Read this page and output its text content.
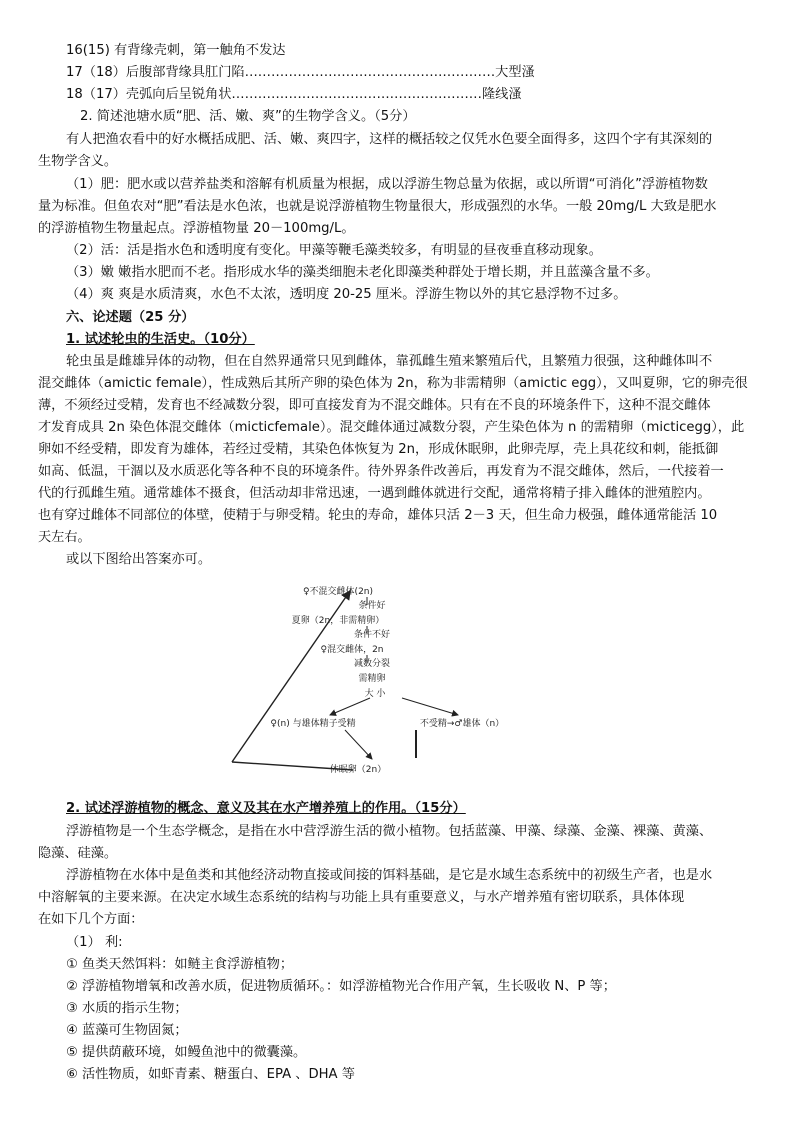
16(15) 有背缘壳刺，第一触角不发达
17（18）后腹部背缘具肛门陷…………………………………………………大型溞
18（17）壳弧向后呈锐角状…………………………………………………隆线溞
2. 简述池塘水质“肥、活、嫩、爽”的生物学含义。（5分）
有人把渔农看中的好水概括成肥、活、嫩、爽四字，这样的概括较之仅凭水色要全面得多，这四个字有其深刻的
生物学含义。
（1）肥：肥水或以营养盐类和溶解有机质量为根据，成以浮游生物总量为依据，或以所谓“可消化”浮游植物数
量为标准。但鱼农对“肥”看法是水色浓，也就是说浮游植物生物量很大，形成强烈的水华。一般 20mg/L 大致是肥水
的浮游植物生物量起点。浮游植物量 20－100mg/L。
（2）活：活是指水色和透明度有变化。甲藻等鞭毛藻类较多，有明显的昼夜垂直移动现象。
（3）嫩 嫩指水肥而不老。指形成水华的藻类细胞未老化即藻类种群处于增长期，并且蓝藻含量不多。
（4）爽 爽是水质清爽，水色不太浓，透明度 20-25 厘米。浮游生物以外的其它悬浮物不过多。
六、论述题（25 分）
1. 试述轮虫的生活史。（10分）
轮虫虽是雌雄异体的动物，但在自然界通常只见到雌体，靠孤雌生殖来繁殖后代，且繁殖力很强，这种雌体叫不
混交雌体（amictic female），性成熟后其所产卵的染色体为 2n，称为非需精卵（amictic egg），又叫夏卵，它的卵壳很
薄，不须经过受精，发育也不经减数分裂，即可直接发育为不混交雌体。只有在不良的环境条件下，这种不混交雌体
才发育成具 2n 染色体混交雌体（micticfemale）。混交雌体通过减数分裂，产生染色体为 n 的需精卵（micticegg），此
卵如不经受精，即发育为雄体，若经过受精，其染色体恢复为 2n，形成休眠卵，此卵壳厚，壳上具花纹和刺，能抵御
如高、低温，干涸以及水质恶化等各种不良的环境条件。待外界条件改善后，再发育为不混交雌体，然后，一代接着一
代的行孤雌生殖。通常雄体不摄食，但活动却非常迅速，一遇到雌体就进行交配，通常将精子排入雌体的泄殖腔内。
也有穿过雌体不同部位的体壁，使精于与卵受精。轮虫的寿命，雄体只活 2－3 天，但生命力极强，雌体通常能活 10
天左右。
或以下图给出答案亦可。
♀不混交雌体(2n)
条件好
夏卵（2n，非需精卵）
条件不好
♀混交雌体，2n
减数分裂
需精卵
大 小
♀(n) 与雄体精子受精	不受精→♂雄体（n）
休眠卵（2n）
2. 试述浮游植物的概念、意义及其在水产增养殖上的作用。（15分）
浮游植物是一个生态学概念，是指在水中营浮游生活的微小植物。包括蓝藻、甲藻、绿藻、金藻、裸藻、黄藻、
隐藻、硅藻。
浮游植物在水体中是鱼类和其他经济动物直接或间接的饵料基础，是它是水域生态系统中的初级生产者，也是水
中溶解氧的主要来源。在决定水域生态系统的结构与功能上具有重要意义，与水产增养殖有密切联系，具体体现
在如下几个方面：
（1） 利:
① 鱼类天然饵料：如鲢主食浮游植物；
② 浮游植物增氧和改善水质，促进物质循环。：如浮游植物光合作用产氧，生长吸收 N、P 等；
③ 水质的指示生物；
④ 蓝藻可生物固氮；
⑤ 提供荫蔽环境，如鳗鱼池中的微囊藻。
⑥ 活性物质，如虾青素、糖蛋白、EPA 、DHA 等
